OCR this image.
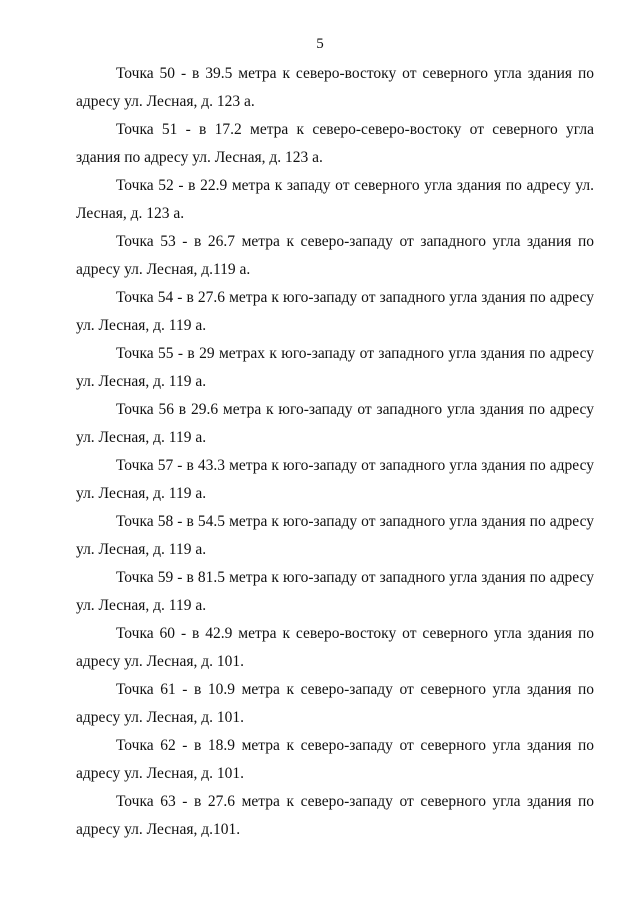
5

Точка 50 - в 39.5 метра к северо-востоку от северного угла здания по адресу ул. Лесная, д. 123 а.

Точка 51 - в 17.2 метра к северо-северо-востоку от северного угла здания по адресу ул. Лесная, д. 123 а.

Точка 52 - в 22.9 метра к западу от северного угла здания по адресу ул. Лесная, д. 123 а.

Точка 53 - в 26.7 метра к северо-западу от западного угла здания по адресу ул. Лесная, д.119 а.

Точка 54 - в 27.6 метра к юго-западу от западного угла здания по адресу ул. Лесная, д. 119 а.

Точка 55 - в 29 метрах к юго-западу от западного угла здания по адресу ул. Лесная, д. 119 а.

Точка 56 в 29.6 метра к юго-западу от западного угла здания по адресу ул. Лесная, д. 119 а.

Точка 57 - в 43.3 метра к юго-западу от западного угла здания по адресу ул. Лесная, д. 119 а.

Точка 58 - в 54.5 метра к юго-западу от западного угла здания по адресу ул. Лесная, д. 119 а.

Точка 59 - в 81.5 метра к юго-западу от западного угла здания по адресу ул. Лесная, д. 119 а.

Точка 60 - в 42.9 метра к северо-востоку от северного угла здания по адресу ул. Лесная, д. 101.

Точка 61 - в 10.9 метра к северо-западу от северного угла здания по адресу ул. Лесная, д. 101.

Точка 62 - в 18.9 метра к северо-западу от северного угла здания по адресу ул. Лесная, д. 101.

Точка 63 - в 27.6 метра к северо-западу от северного угла здания по адресу ул. Лесная, д.101.
